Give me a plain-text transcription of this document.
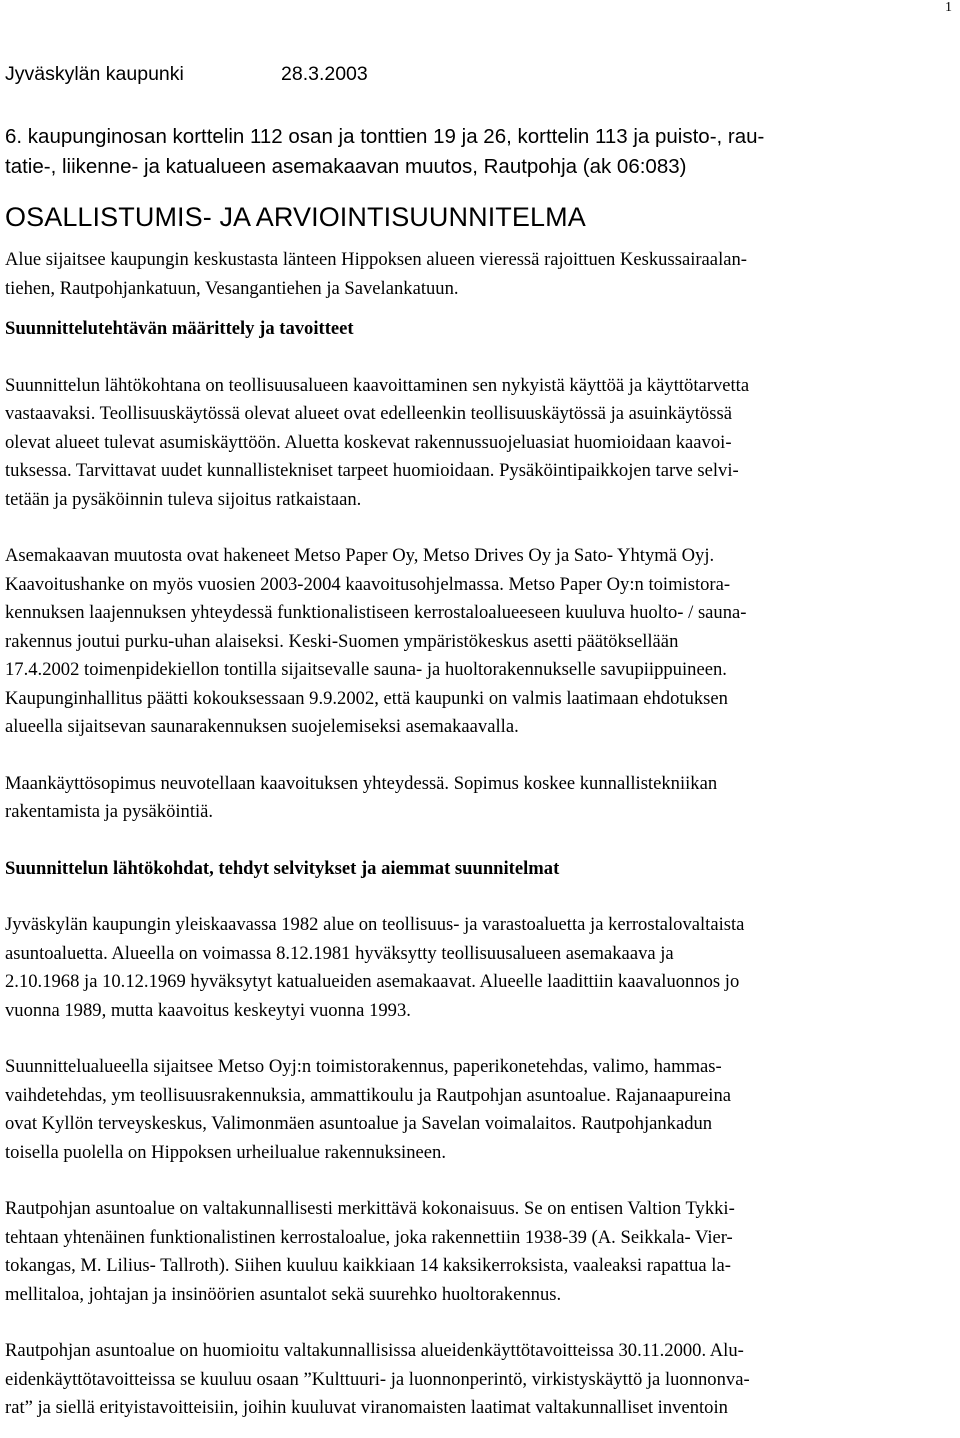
1
Jyväskylän kaupunki	28.3.2003
6. kaupunginosan korttelin 112 osan ja tonttien 19 ja 26, korttelin 113 ja puisto-, rau-
tatie-, liikenne- ja katualueen asemakaavan muutos, Rautpohja (ak 06:083)
OSALLISTUMIS- JA ARVIOINTISUUNNITELMA

Alue sijaitsee kaupungin keskustasta länteen Hippoksen alueen vieressä rajoittuen Keskussairaalan-
tiehen, Rautpohjankatuun, Vesangantiehen ja Savelankatuun.

Suunnittelutehtävän määrittely ja tavoitteet

Suunnittelun lähtökohtana on teollisuusalueen kaavoittaminen sen nykyistä käyttöä ja käyttötarvetta
vastaavaksi. Teollisuuskäytössä olevat alueet ovat edelleenkin teollisuuskäytössä ja asuinkäytössä
olevat alueet tulevat asumiskäyttöön. Aluetta koskevat rakennussuojeluasiat huomioidaan kaavoi-
tuksessa. Tarvittavat uudet kunnallistekniset tarpeet huomioidaan. Pysäköintipaikkojen tarve selvi-
tetään ja pysäköinnin tuleva sijoitus ratkaistaan.

Asemakaavan muutosta ovat hakeneet Metso Paper Oy, Metso Drives Oy ja Sato- Yhtymä Oyj.
Kaavoitushanke on myös vuosien 2003-2004 kaavoitusohjelmassa. Metso Paper Oy:n toimistora-
kennuksen laajennuksen yhteydessä funktionalistiseen kerrostaloalueeseen kuuluva huolto- / sauna-
rakennus joutui purku-uhan alaiseksi. Keski-Suomen ympäristökeskus asetti päätöksellään
17.4.2002 toimenpidekiellon tontilla sijaitsevalle sauna- ja huoltorakennukselle savupiippuineen.
Kaupunginhallitus päätti kokouksessaan 9.9.2002, että kaupunki on valmis laatimaan ehdotuksen
alueella sijaitsevan saunarakennuksen suojelemiseksi asemakaavalla.

Maankäyttösopimus neuvotellaan kaavoituksen yhteydessä. Sopimus koskee kunnallistekniikan
rakentamista ja pysäköintiä.

Suunnittelun lähtökohdat, tehdyt selvitykset ja aiemmat suunnitelmat

Jyväskylän kaupungin yleiskaavassa 1982 alue on teollisuus- ja varastoaluetta ja kerrostalovaltaista
asuntoaluetta. Alueella on voimassa 8.12.1981 hyväksytty teollisuusalueen asemakaava ja
2.10.1968 ja 10.12.1969 hyväksytyt katualueiden asemakaavat. Alueelle laadittiin kaavaluonnos jo
vuonna 1989, mutta kaavoitus keskeytyi vuonna 1993.

Suunnittelualueella sijaitsee Metso Oyj:n toimistorakennus, paperikonetehdas, valimo, hammas-
vaihdetehdas, ym teollisuusrakennuksia, ammattikoulu ja Rautpohjan asuntoalue. Rajanaapureina
ovat Kyllön terveyskeskus, Valimonmäen asuntoalue ja Savelan voimalaitos. Rautpohjankadun
toisella puolella on Hippoksen urheilualue rakennuksineen.

Rautpohjan asuntoalue on valtakunnallisesti merkittävä kokonaisuus. Se on entisen Valtion Tykki-
tehtaan yhtenäinen funktionalistinen kerrostaloalue, joka rakennettiin 1938-39 (A. Seikkala- Vier-
tokangas, M. Lilius- Tallroth). Siihen kuuluu kaikkiaan 14 kaksikerroksista, vaaleaksi rapattua la-
mellitaloa, johtajan ja insinöörien asuntalot sekä suurehko huoltorakennus.

Rautpohjan asuntoalue on huomioitu valtakunnallisissa alueidenkäyttötavoitteissa 30.11.2000. Alu-
eidenkäyttötavoitteissa se kuuluu osaan ”Kulttuuri- ja luonnonperintö, virkistyskäyttö ja luonnonva-
rat” ja siellä erityistavoitteisiin, joihin kuuluvat viranomaisten laatimat valtakunnalliset inventoin
